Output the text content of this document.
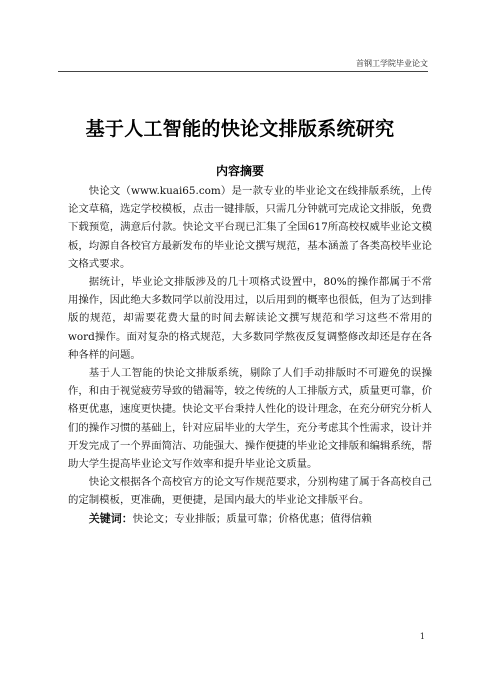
首钢工学院毕业论文
基于人工智能的快论文排版系统研究
内容摘要

快论文（www.kuai65.com）是一款专业的毕业论文在线排版系统，上传论文草稿，选定学校模板，点击一键排版，只需几分钟就可完成论文排版，免费下载预览，满意后付款。快论文平台现已汇集了全国617所高校权威毕业论文模板，均源自各校官方最新发布的毕业论文撰写规范，基本涵盖了各类高校毕业论文格式要求。

据统计，毕业论文排版涉及的几十项格式设置中，80%的操作都属于不常用操作，因此绝大多数同学以前没用过，以后用到的概率也很低，但为了达到排版的规范，却需要花费大量的时间去解读论文撰写规范和学习这些不常用的word操作。面对复杂的格式规范，大多数同学熬夜反复调整修改却还是存在各种各样的问题。

基于人工智能的快论文排版系统，剔除了人们手动排版时不可避免的误操作，和由于视觉疲劳导致的错漏等，较之传统的人工排版方式，质量更可靠，价格更优惠，速度更快捷。快论文平台秉持人性化的设计理念，在充分研究分析人们的操作习惯的基础上，针对应届毕业的大学生，充分考虑其个性需求，设计并开发完成了一个界面简洁、功能强大、操作便捷的毕业论文排版和编辑系统，帮助大学生提高毕业论文写作效率和提升毕业论文质量。

快论文根据各个高校官方的论文写作规范要求，分别构建了属于各高校自己的定制模板，更准确，更便捷，是国内最大的毕业论文排版平台。

关键词：快论文；专业排版；质量可靠；价格优惠；值得信赖

1
